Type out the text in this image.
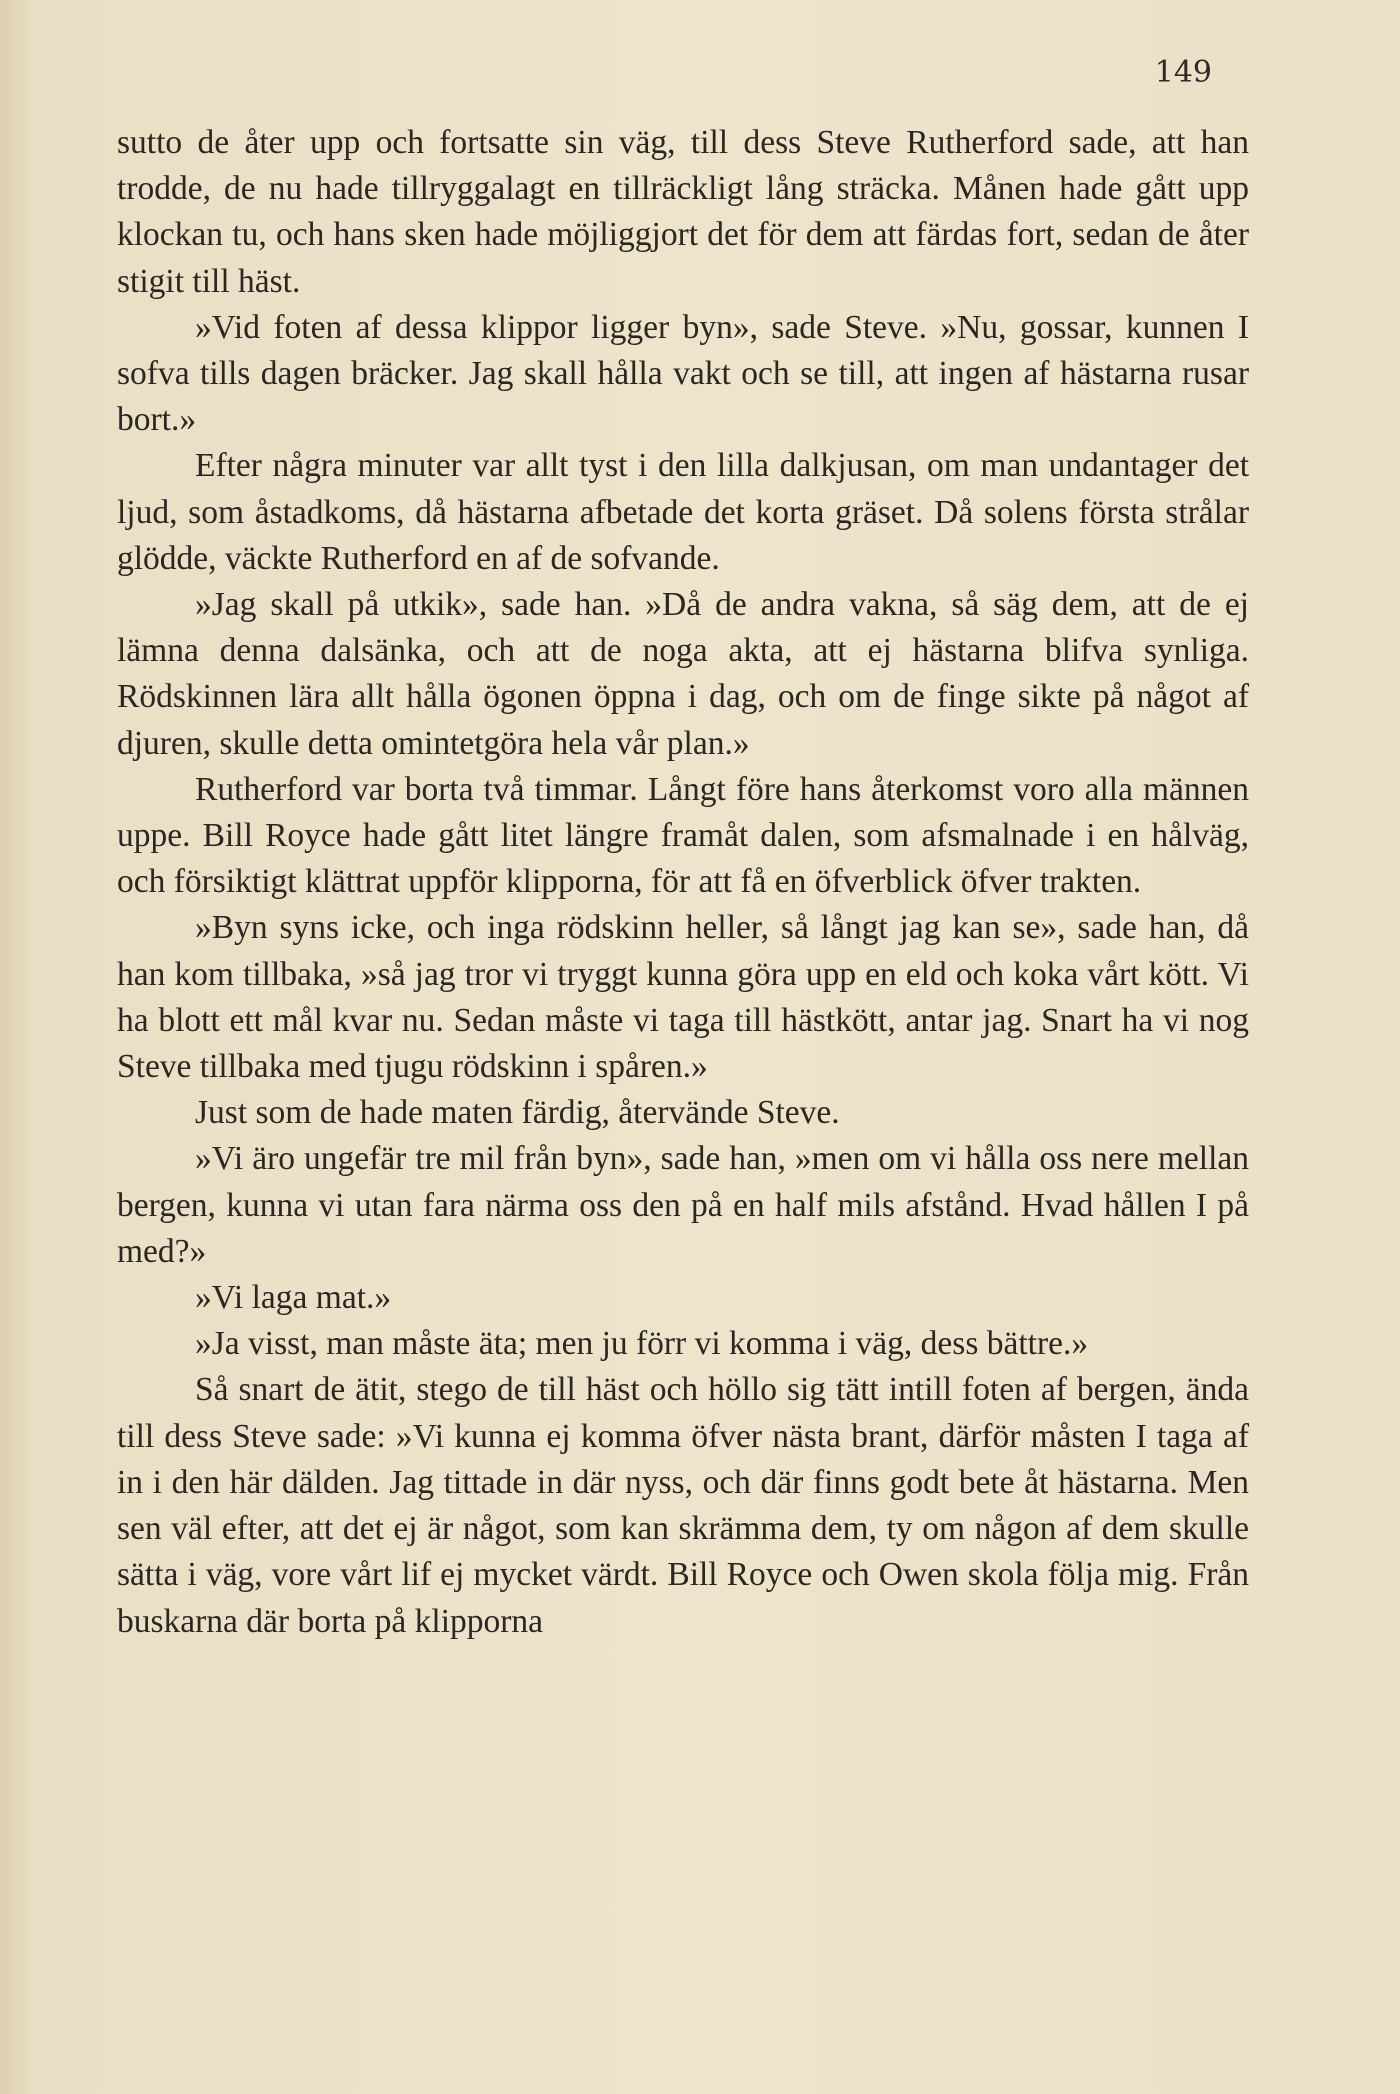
149

sutto de åter upp och fortsatte sin väg, till dess Steve Rutherford sade, att han trodde, de nu hade tillryggalagt en tillräckligt lång sträcka. Månen hade gått upp klockan tu, och hans sken hade möjliggjort det för dem att färdas fort, sedan de åter stigit till häst.

»Vid foten af dessa klippor ligger byn», sade Steve. »Nu, gossar, kunnen I sofva tills dagen bräcker. Jag skall hålla vakt och se till, att ingen af hästarna rusar bort.»

Efter några minuter var allt tyst i den lilla dalkjusan, om man undantager det ljud, som åstadkoms, då hästarna afbetade det korta gräset. Då solens första strålar glödde, väckte Rutherford en af de sofvande.

»Jag skall på utkik», sade han. »Då de andra vakna, så säg dem, att de ej lämna denna dalsänka, och att de noga akta, att ej hästarna blifva synliga. Rödskinnen lära allt hålla ögonen öppna i dag, och om de finge sikte på något af djuren, skulle detta omintetgöra hela vår plan.»

Rutherford var borta två timmar. Långt före hans återkomst voro alla männen uppe. Bill Royce hade gått litet längre framåt dalen, som afsmalnade i en hålväg, och försiktigt klättrat uppför klipporna, för att få en öfverblick öfver trakten.

»Byn syns icke, och inga rödskinn heller, så långt jag kan se», sade han, då han kom tillbaka, »så jag tror vi tryggt kunna göra upp en eld och koka vårt kött. Vi ha blott ett mål kvar nu. Sedan måste vi taga till hästkött, antar jag. Snart ha vi nog Steve tillbaka med tjugu rödskinn i spåren.»

Just som de hade maten färdig, återvände Steve.

»Vi äro ungefär tre mil från byn», sade han, »men om vi hålla oss nere mellan bergen, kunna vi utan fara närma oss den på en half mils afstånd. Hvad hållen I på med?»

»Vi laga mat.»

»Ja visst, man måste äta; men ju förr vi komma i väg, dess bättre.»

Så snart de ätit, stego de till häst och höllo sig tätt intill foten af bergen, ända till dess Steve sade: »Vi kunna ej komma öfver nästa brant, därför måsten I taga af in i den här dälden. Jag tittade in där nyss, och där finns godt bete åt hästarna. Men sen väl efter, att det ej är något, som kan skrämma dem, ty om någon af dem skulle sätta i väg, vore vårt lif ej mycket värdt. Bill Royce och Owen skola följa mig. Från buskarna där borta på klipporna
